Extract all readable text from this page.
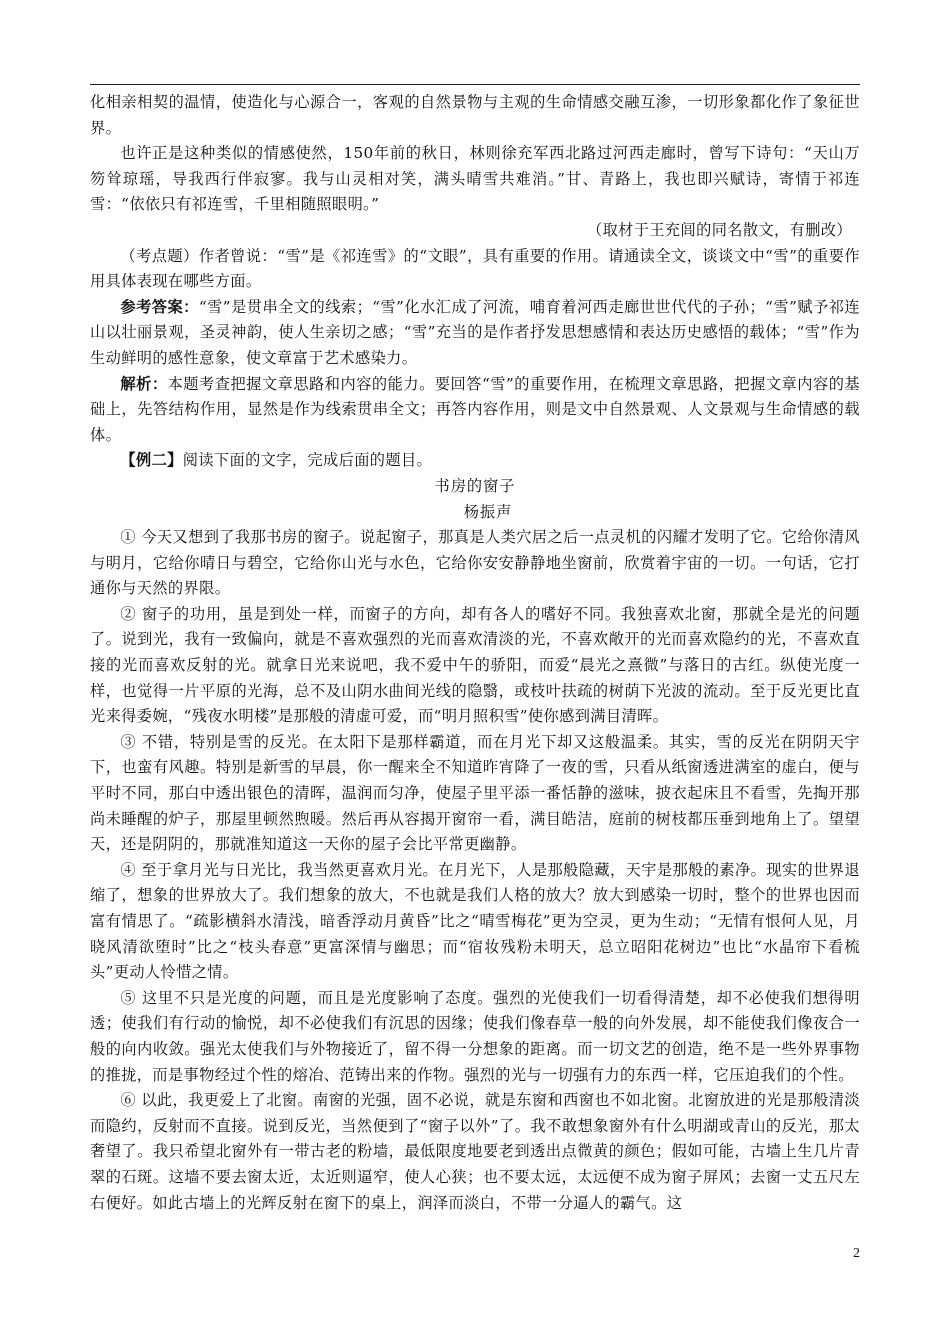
化相亲相契的温情，使造化与心源合一，客观的自然景物与主观的生命情感交融互渗，一切形象都化作了象征世界。

也许正是这种类似的情感使然，150年前的秋日，林则徐充军西北路过河西走廊时，曾写下诗句：“天山万笏耸琼瑶，导我西行伴寂寥。我与山灵相对笑，满头晴雪共难消。”甘、青路上，我也即兴赋诗，寄情于祁连雪：“依依只有祁连雪，千里相随照眼明。”

（取材于王充闾的同名散文，有删改）

（考点题）作者曾说：“雪”是《祁连雪》的“文眼”，具有重要的作用。请通读全文，谈谈文中“雪”的重要作用具体表现在哪些方面。

参考答案：“雪”是贯串全文的线索；“雪”化水汇成了河流，哺育着河西走廊世世代代的子孙；“雪”赋予祁连山以壮丽景观，圣灵神韵，使人生亲切之感；“雪”充当的是作者抒发思想感情和表达历史感悟的载体；“雪”作为生动鲜明的感性意象，使文章富于艺术感染力。

解析：本题考查把握文章思路和内容的能力。要回答“雪”的重要作用，在梳理文章思路，把握文章内容的基础上，先答结构作用，显然是作为线索贯串全文；再答内容作用，则是文中自然景观、人文景观与生命情感的载体。

【例二】阅读下面的文字，完成后面的题目。

书房的窗子

杨振声

① 今天又想到了我那书房的窗子。说起窗子，那真是人类穴居之后一点灵机的闪耀才发明了它。它给你清风与明月，它给你晴日与碧空，它给你山光与水色，它给你安安静静地坐窗前，欣赏着宇宙的一切。一句话，它打通你与天然的界限。

② 窗子的功用，虽是到处一样，而窗子的方向，却有各人的嗜好不同。我独喜欢北窗，那就全是光的问题了。说到光，我有一致偏向，就是不喜欢强烈的光而喜欢清淡的光，不喜欢敞开的光而喜欢隐约的光，不喜欢直接的光而喜欢反射的光。就拿日光来说吧，我不爱中午的骄阳，而爱“晨光之熹微”与落日的古红。纵使光度一样，也觉得一片平原的光海，总不及山阴水曲间光线的隐翳，或枝叶扶疏的树荫下光波的流动。至于反光更比直光来得委婉，“残夜水明楼”是那般的清虚可爱，而“明月照积雪”使你感到满目清晖。

③ 不错，特别是雪的反光。在太阳下是那样霸道，而在月光下却又这般温柔。其实，雪的反光在阴阴天宇下，也蛮有风趣。特别是新雪的早晨，你一醒来全不知道昨宵降了一夜的雪，只看从纸窗透进满室的虚白，便与平时不同，那白中透出银色的清晖，温润而匀净，使屋子里平添一番恬静的滋味，披衣起床且不看雪，先掏开那尚未睡醒的炉子，那屋里顿然煦暖。然后再从容揭开窗帘一看，满目皓洁，庭前的树枝都压垂到地角上了。望望天，还是阴阴的，那就准知道这一天你的屋子会比平常更幽静。

④ 至于拿月光与日光比，我当然更喜欢月光。在月光下，人是那般隐藏，天宇是那般的素净。现实的世界退缩了，想象的世界放大了。我们想象的放大，不也就是我们人格的放大？放大到感染一切时，整个的世界也因而富有情思了。“疏影横斜水清浅，暗香浮动月黄昏”比之“晴雪梅花”更为空灵，更为生动；“无情有恨何人见，月晓风清欲堕时”比之“枝头春意”更富深情与幽思；而“宿妆残粉未明天，总立昭阳花树边”也比“水晶帘下看梳头”更动人怜惜之情。

⑤ 这里不只是光度的问题，而且是光度影响了态度。强烈的光使我们一切看得清楚，却不必使我们想得明透；使我们有行动的愉悦，却不必使我们有沉思的因缘；使我们像春草一般的向外发展，却不能使我们像夜合一般的向内收敛。强光太使我们与外物接近了，留不得一分想象的距离。而一切文艺的创造，绝不是一些外界事物的推拢，而是事物经过个性的熔冶、范铸出来的作物。强烈的光与一切强有力的东西一样，它压迫我们的个性。

⑥ 以此，我更爱上了北窗。南窗的光强，固不必说，就是东窗和西窗也不如北窗。北窗放进的光是那般清淡而隐约，反射而不直接。说到反光，当然便到了“窗子以外”了。我不敢想象窗外有什么明湖或青山的反光，那太奢望了。我只希望北窗外有一带古老的粉墙，最低限度地要老到透出点微黄的颜色；假如可能，古墙上生几片青翠的石斑。这墙不要去窗太近，太近则逼窄，使人心狭；也不要太远，太远便不成为窗子屏风；去窗一丈五尺左右便好。如此古墙上的光辉反射在窗下的桌上，润泽而淡白，不带一分逼人的霸气。这

2
